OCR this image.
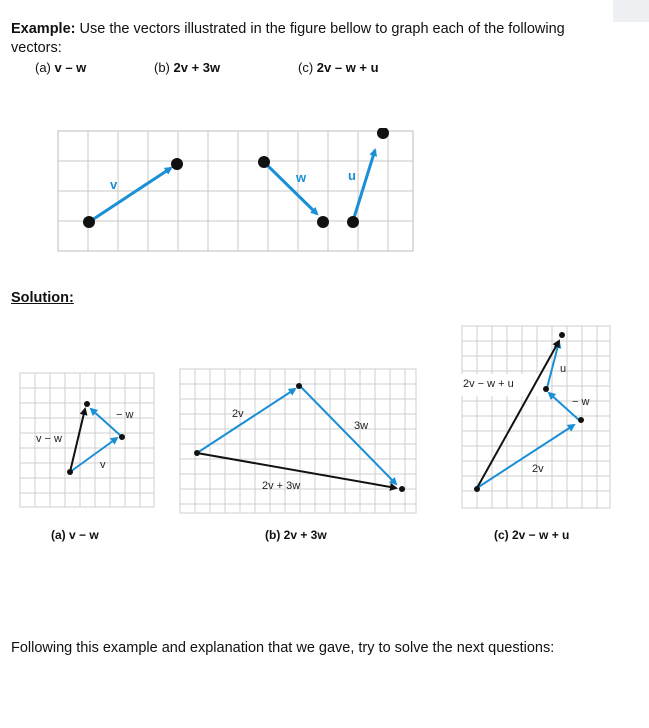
Example: Use the vectors illustrated in the figure bellow to graph each of the following
vectors:
(a) v – w	(b) 2v + 3w	(c) 2v – w + u
v	w	u
Solution:
v − w
− w
v
(a) v − w
2v
3w
2v + 3w
(b) 2v + 3w
2v − w + u
u
− w
2v
(c) 2v − w + u
Following this example and explanation that we gave, try to solve the next questions:
